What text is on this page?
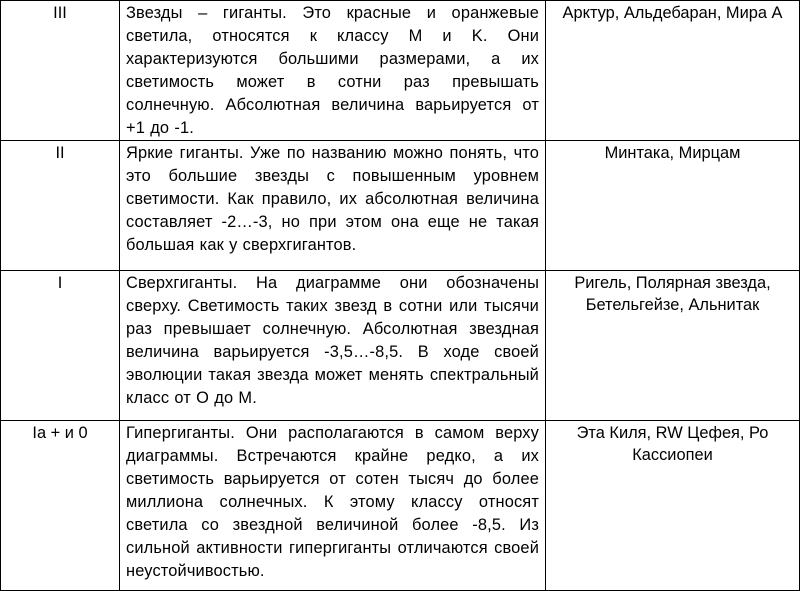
III	Звезды – гиганты. Это красные и оранжевые светила, относятся к классу M и K. Они характеризуются большими размерами, а их светимость может в сотни раз превышать солнечную. Абсолютная величина варьируется от +1 до -1.	Арктур, Альдебаран, Мира А

II	Яркие гиганты. Уже по названию можно понять, что это большие звезды с повышенным уровнем светимости. Как правило, их абсолютная величина составляет -2…-3, но при этом она еще не такая большая как у сверхгигантов.	Минтака, Мирцам

I	Сверхгиганты. На диаграмме они обозначены сверху. Светимость таких звезд в сотни или тысячи раз превышает солнечную. Абсолютная звездная величина варьируется -3,5…-8,5. В ходе своей эволюции такая звезда может менять спектральный класс от O до M.	Ригель, Полярная звезда, Бетельгейзе, Альнитак

Ia + и 0	Гипергиганты. Они располагаются в самом верху диаграммы. Встречаются крайне редко, а их светимость варьируется от сотен тысяч до более миллиона солнечных. К этому классу относят светила со звездной величиной более -8,5. Из сильной активности гипергиганты отличаются своей неустойчивостью.	Эта Киля, RW Цефея, Ро Кассиопеи
